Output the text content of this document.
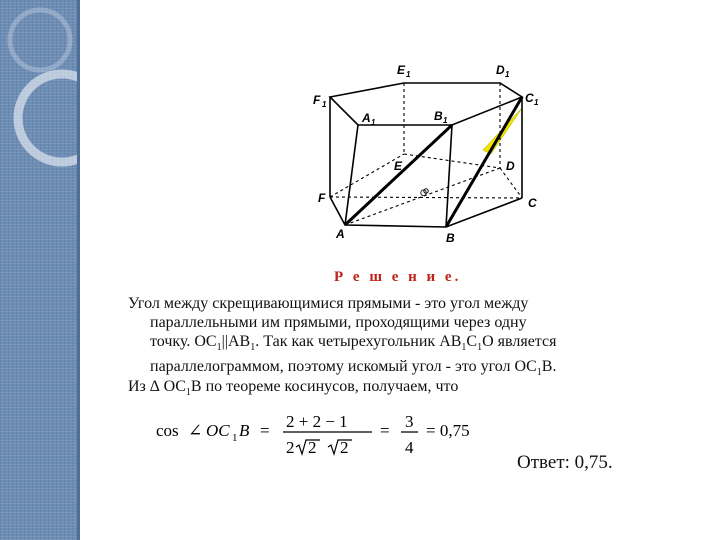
A	B
C
D
E
F	O
A 1	B 1
C 1
D 1
E 1
F 1
Р е ш е н и е.
Угол между скрещивающимися прямыми - это угол между
параллельными им прямыми, проходящими через одну
точку. $OC_1||AB_1$. Так как четырехугольник $AB_1C_1O$ является
параллелограммом, поэтому искомый угол - это угол $OC_1B$.
Из ∆ $OC_1B$ по теореме косинусов, получаем, что
cos ∠ OC 1 B = 2 + 2 − 1
2 2 2
= 3
4
= 0,75
Ответ: 0,75.
